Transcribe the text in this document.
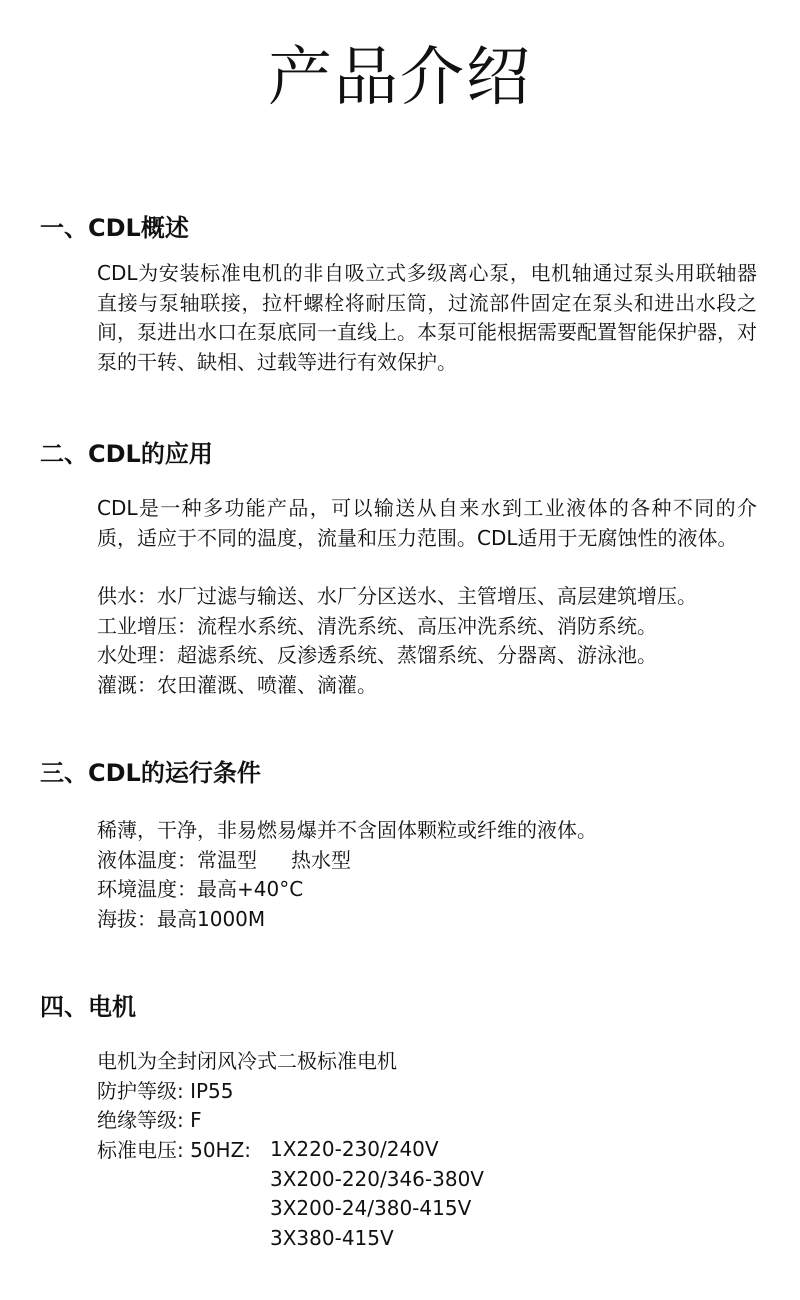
产品介绍
一、CDL概述

CDL为安装标准电机的非自吸立式多级离心泵，电机轴通过泵头用联轴器直接与泵轴联接，拉杆螺栓将耐压筒，过流部件固定在泵头和进出水段之间，泵进出水口在泵底同一直线上。本泵可能根据需要配置智能保护器，对泵的干转、缺相、过载等进行有效保护。

二、CDL的应用

CDL是一种多功能产品，可以输送从自来水到工业液体的各种不同的介质，适应于不同的温度，流量和压力范围。CDL适用于无腐蚀性的液体。

供水：水厂过滤与输送、水厂分区送水、主管增压、高层建筑增压。
工业增压：流程水系统、清洗系统、高压冲洗系统、消防系统。
水处理：超滤系统、反渗透系统、蒸馏系统、分器离、游泳池。
灌溉：农田灌溉、喷灌、滴灌。
三、CDL的运行条件
稀薄，干净，非易燃易爆并不含固体颗粒或纤维的液体。
液体温度：常温型 热水型
环境温度：最高+40°C
海拔：最高1000M
四、电机
电机为全封闭风冷式二极标准电机
防护等级: IP55
绝缘等级: F
标准电压: 50HZ: 1X220-230/240V
3X200-220/346-380V
3X200-24/380-415V
3X380-415V
